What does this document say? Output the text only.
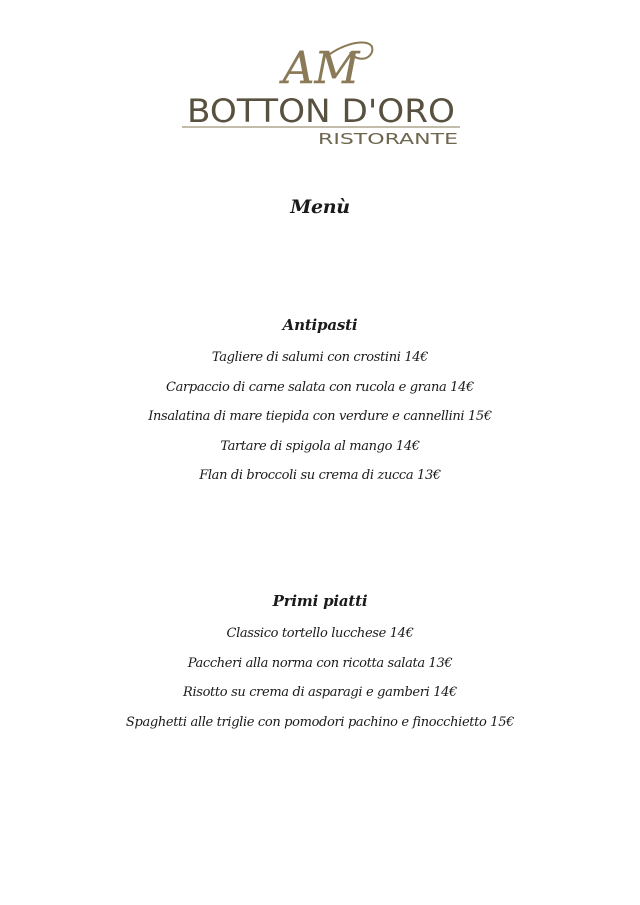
AM
BOTTON D'ORO
RISTORANTE
Menù
Antipasti
Tagliere di salumi con crostini 14€
Carpaccio di carne salata con rucola e grana 14€
Insalatina di mare tiepida con verdure e cannellini 15€
Tartare di spigola al mango 14€
Flan di broccoli su crema di zucca 13€
Primi piatti
Classico tortello lucchese 14€
Paccheri alla norma con ricotta salata 13€
Risotto su crema di asparagi e gamberi 14€
Spaghetti alle triglie con pomodori pachino e finocchietto 15€
